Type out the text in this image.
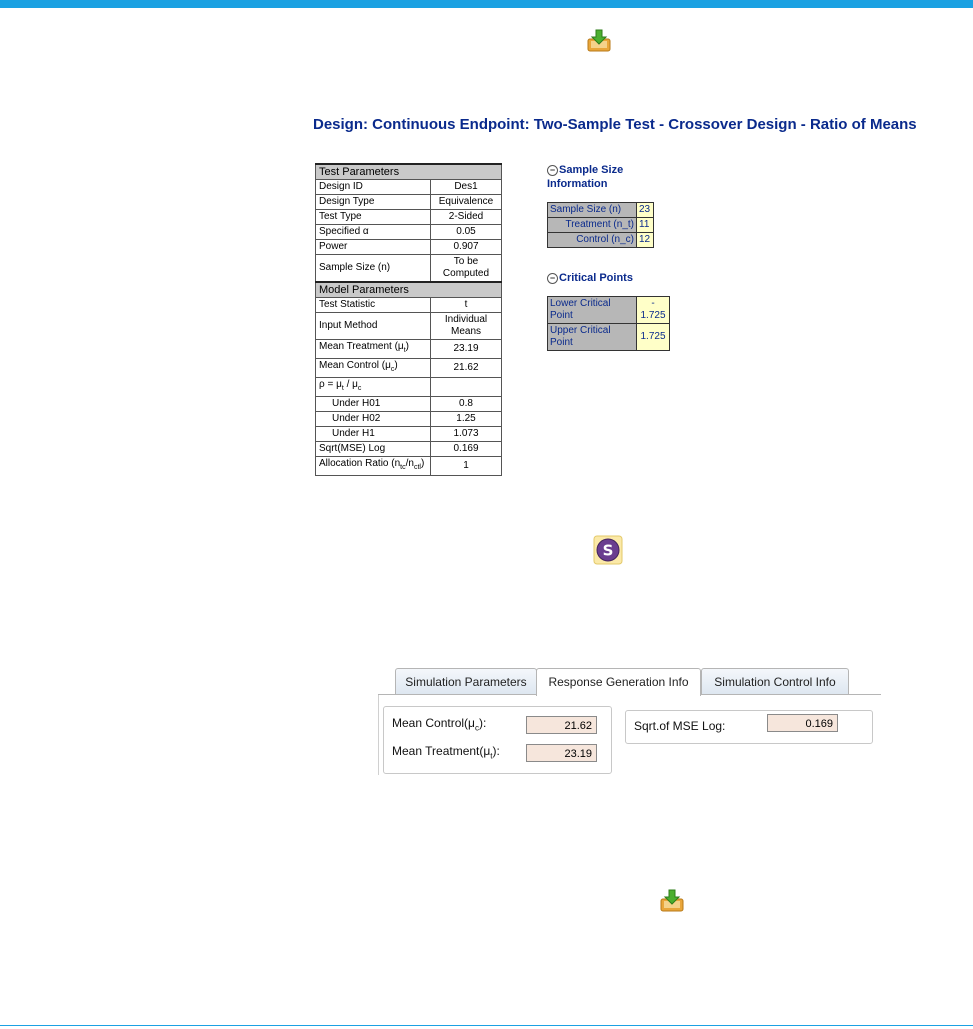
Design: Continuous Endpoint: Two-Sample Test - Crossover Design - Ratio of Means
Test Parameters	
Design ID	Des1
Design Type	Equivalence
Test Type	2-Sided
Specified α	0.05
Power	0.907
Sample Size (n)	To be
Computed
Model Parameters	
Test Statistic	t
Input Method	Individual
Means
Mean Treatment $(\mu_t)$	23.19
Mean Control $(\mu_c)$	21.62
$\rho = \mu_t / \mu_c$	
Under H01	0.8
Under H02	1.25
Under H1	1.073
Sqrt(MSE) Log	0.169
Allocation Ratio $(n_{tc}/n_{ctl})$	1
− Sample Size
Information
Sample Size (n)	23
Treatment (n_t)	11
Control (n_c)	12
− Critical Points
Lower Critical
Point	-
1.725
Upper Critical
Point	1.725
S
Simulation Parameters	Response Generation Info	Simulation Control Info
Mean $Control(\mu_c)$:	21.62
Mean $Treatment(\mu_t)$:	23.19
Sqrt.of MSE Log:	0.169
